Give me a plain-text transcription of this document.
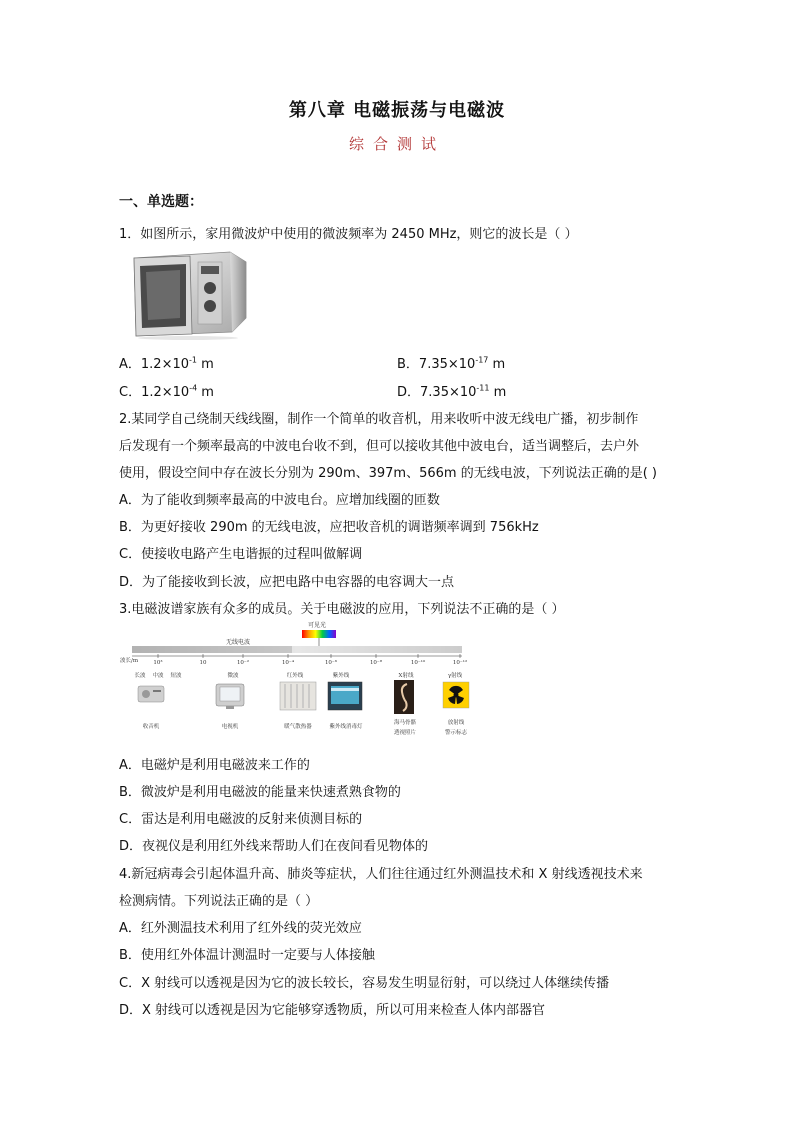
第八章 电磁振荡与电磁波
综合测试
一、单选题：
1．如图所示，家用微波炉中使用的微波频率为 2450 MHz，则它的波长是（ ）
A．$1.2\times 10^{-1}$ m	B．$7.35\times 10^{-17}$ m
C．$1.2\times 10^{-4}$ m	D．$7.35\times 10^{-11}$ m
2.某同学自己绕制天线线圈，制作一个简单的收音机，用来收听中波无线电广播，初步制作
后发现有一个频率最高的中波电台收不到，但可以接收其他中波电台，适当调整后，去户外
使用，假设空间中存在波长分别为 290m、397m、566m 的无线电波，下列说法正确的是( )
A．为了能收到频率最高的中波电台。应增加线圈的匝数
B．为更好接收 290m 的无线电波，应把收音机的调谐频率调到 756kHz
C．使接收电路产生电谐振的过程叫做解调
D．为了能接收到长波，应把电路中电容器的电容调大一点
3.电磁波谱家族有众多的成员。关于电磁波的应用，下列说法不正确的是（ ）
可见光
无线电波
波长/m	10³	10	10⁻²	10⁻⁴	10⁻⁶	10⁻⁸	10⁻¹⁰	10⁻¹²
长波 中波 短波	微波	红外线	紫外线	X射线	γ射线
收音机	电视机	暖气散热器	紫外线消毒灯
海马骨骼
透视照片
放射线
警示标志
A．电磁炉是利用电磁波来工作的
B．微波炉是利用电磁波的能量来快速煮熟食物的
C．雷达是利用电磁波的反射来侦测目标的
D．夜视仪是利用红外线来帮助人们在夜间看见物体的
4.新冠病毒会引起体温升高、肺炎等症状，人们往往通过红外测温技术和 X 射线透视技术来
检测病情。下列说法正确的是（ ）
A．红外测温技术利用了红外线的荧光效应
B．使用红外体温计测温时一定要与人体接触
C．X 射线可以透视是因为它的波长较长，容易发生明显衍射，可以绕过人体继续传播
D．X 射线可以透视是因为它能够穿透物质，所以可用来检查人体内部器官
